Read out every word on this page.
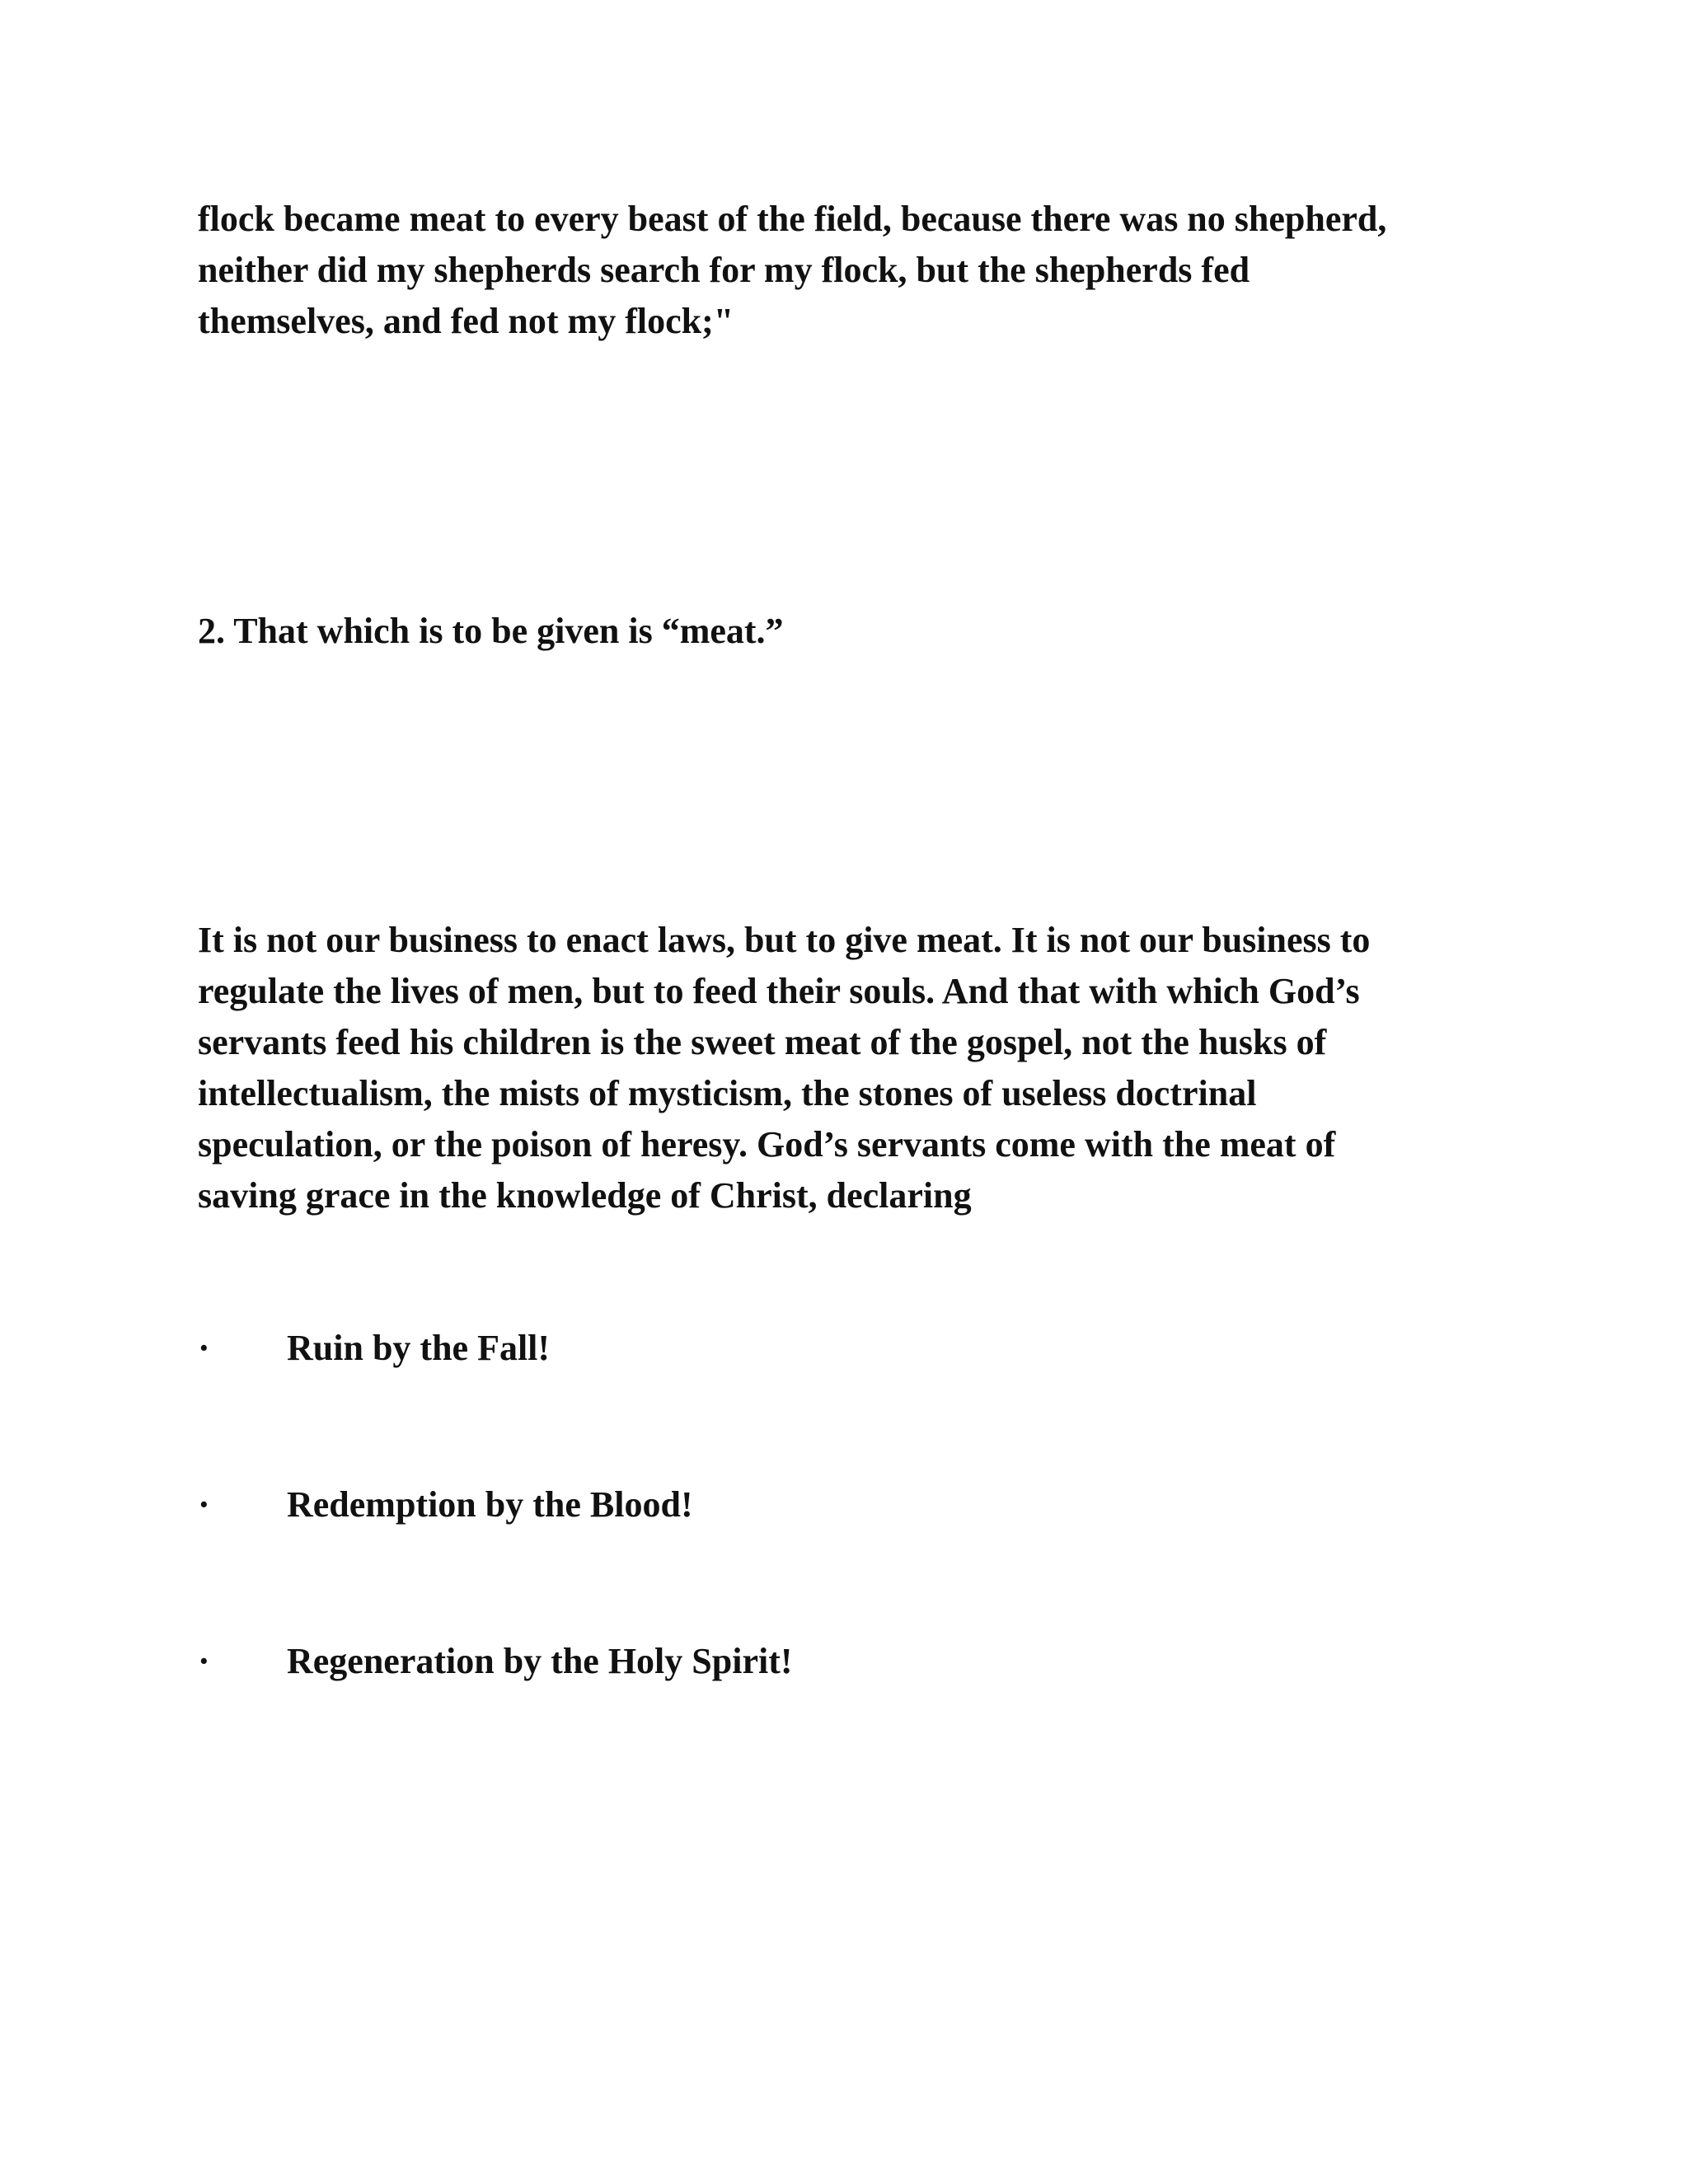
flock became meat to every beast of the field, because there was no shepherd,
neither did my shepherds search for my flock, but the shepherds fed
themselves, and fed not my flock;"

2. That which is to be given is “meat.”

It is not our business to enact laws, but to give meat. It is not our business to
regulate the lives of men, but to feed their souls. And that with which God’s
servants feed his children is the sweet meat of the gospel, not the husks of
intellectualism, the mists of mysticism, the stones of useless doctrinal
speculation, or the poison of heresy. God’s servants come with the meat of
saving grace in the knowledge of Christ, declaring

· Ruin by the Fall!
· Redemption by the Blood!
· Regeneration by the Holy Spirit!
